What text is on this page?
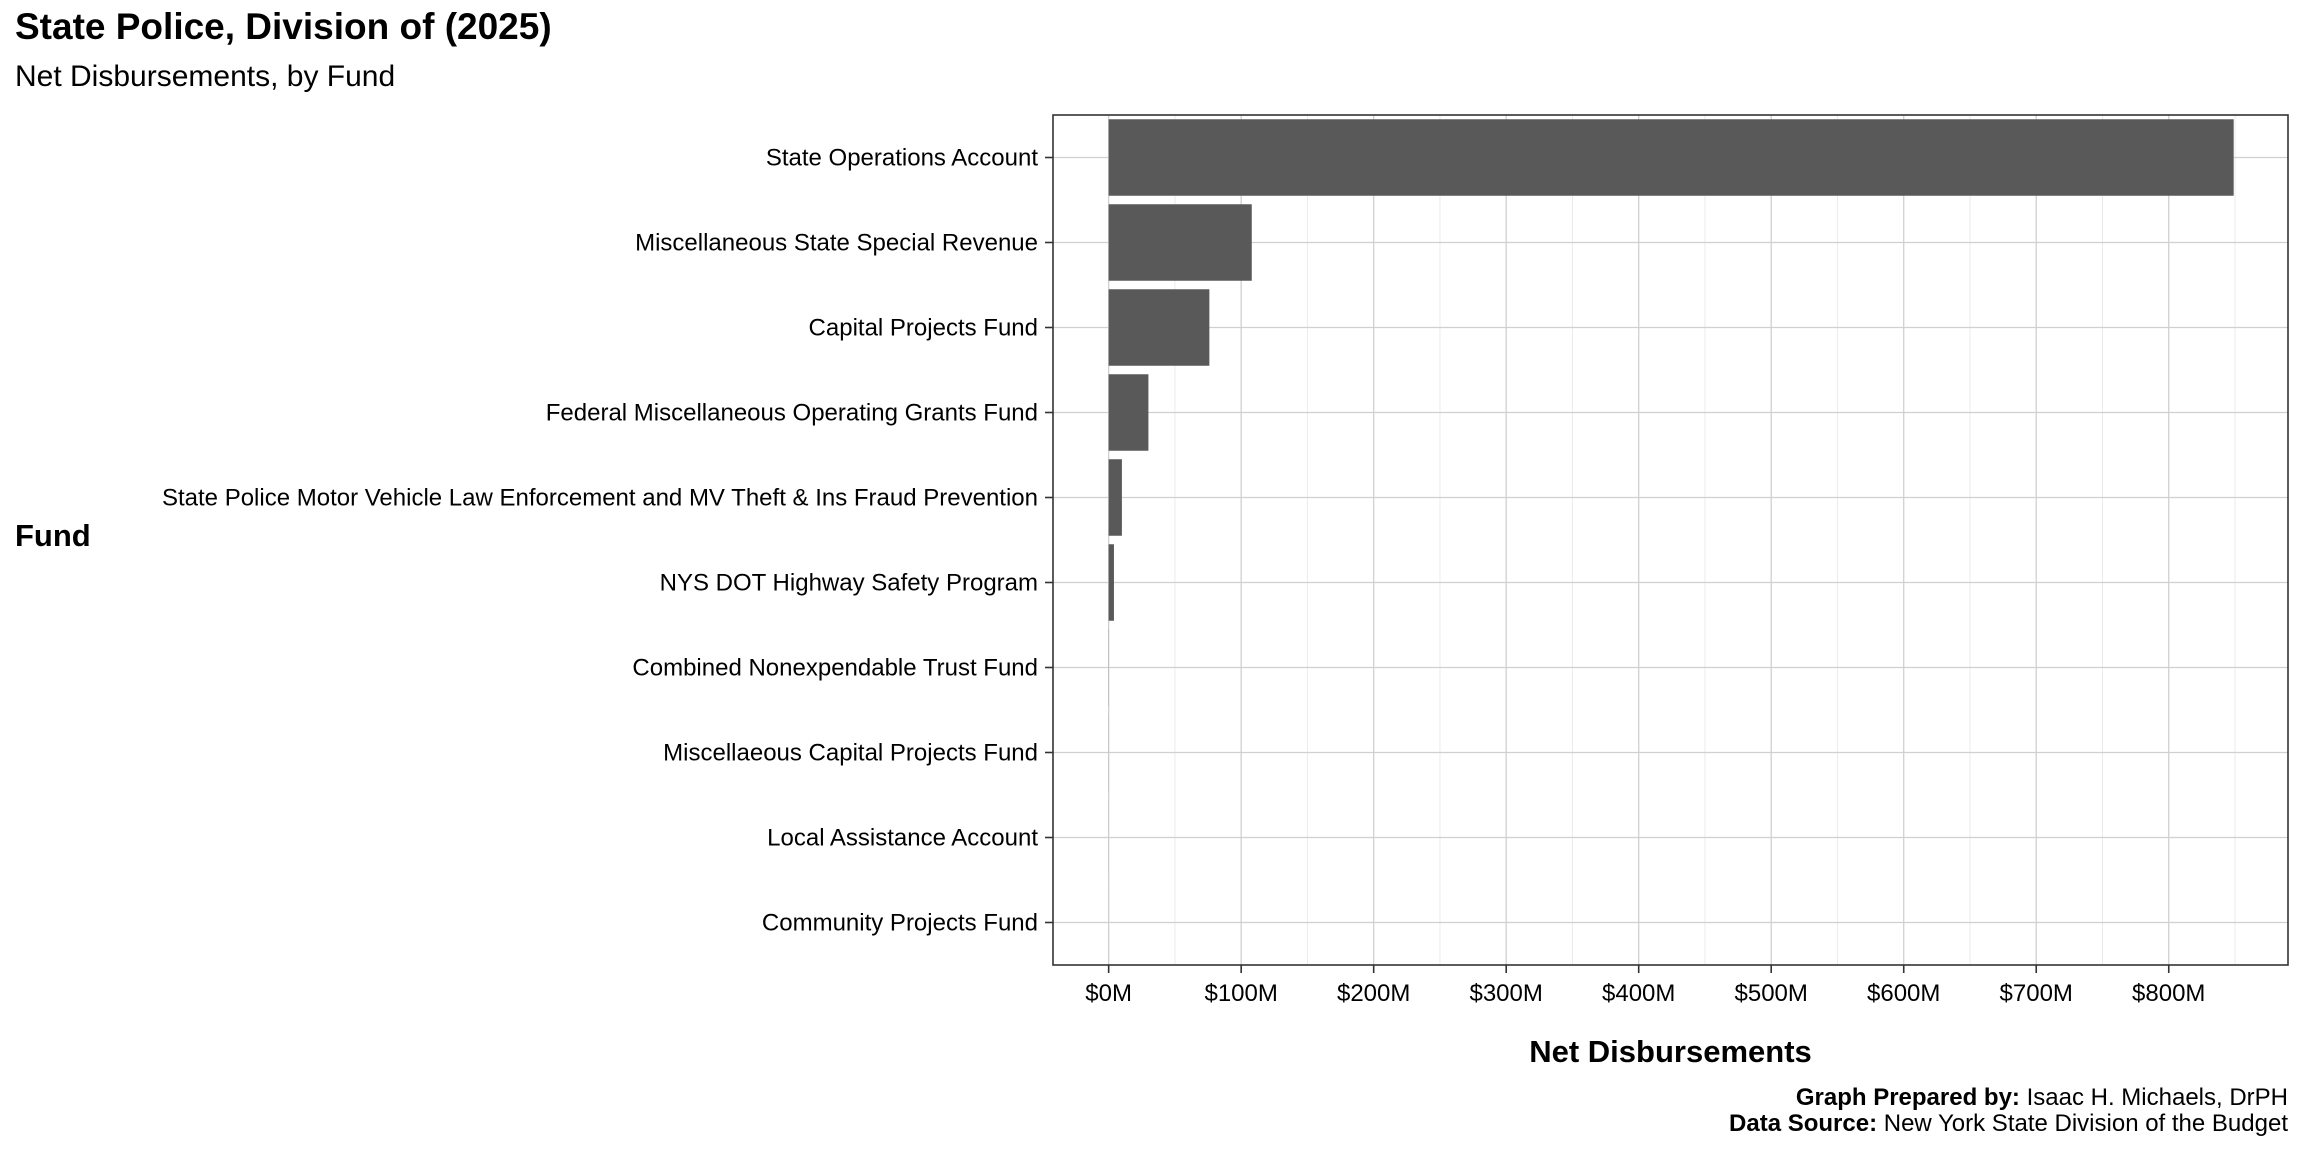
State Police, Division of (2025)
Net Disbursements, by Fund
Fund
Net Disbursements
State Operations Account
Miscellaneous State Special Revenue
Capital Projects Fund
Federal Miscellaneous Operating Grants Fund
State Police Motor Vehicle Law Enforcement and MV Theft & Ins Fraud Prevention
NYS DOT Highway Safety Program
Combined Nonexpendable Trust Fund
Miscellaeous Capital Projects Fund
Local Assistance Account
Community Projects Fund
$0M	$100M $200M $300M $400M $500M $600M $700M $800M
Graph Prepared by: Isaac H. Michaels, DrPH
Data Source: New York State Division of the Budget
